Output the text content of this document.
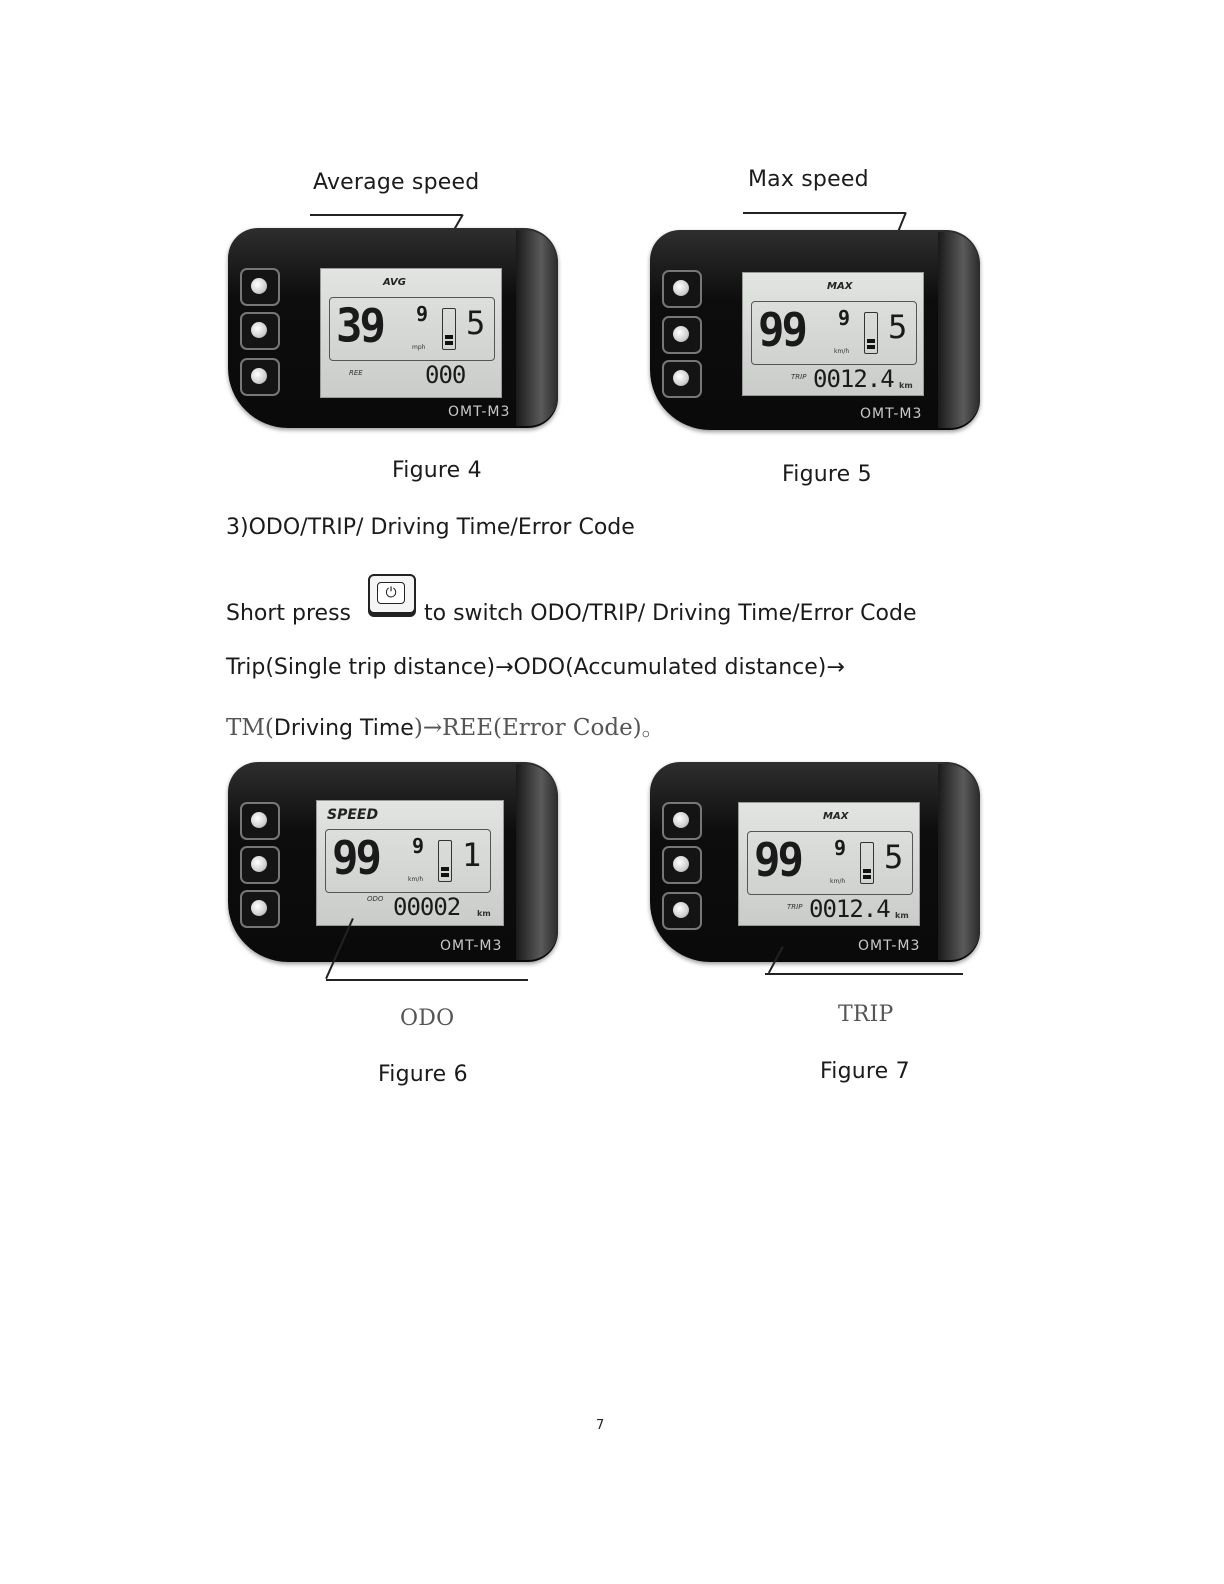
Average speed	Max speed
AVG
39 9
mph
5
REE	000
OMT-M3
MAX
99 9
km/h
5
TRIP 0012.4 km
OMT-M3
Figure 4	Figure 5
3)ODO/TRIP/ Driving Time/Error Code
Short press
⏻
to switch ODO/TRIP/ Driving Time/Error Code
Trip(Single trip distance)→ODO(Accumulated distance)→
TM(Driving Time)→REE(Error Code)。
SPEED
99 9
km/h
1
ODO 00002 km
OMT-M3
MAX
99 9
km/h
5
TRIP 0012.4 km
OMT-M3
ODO	TRIP
Figure 6	Figure 7
7
